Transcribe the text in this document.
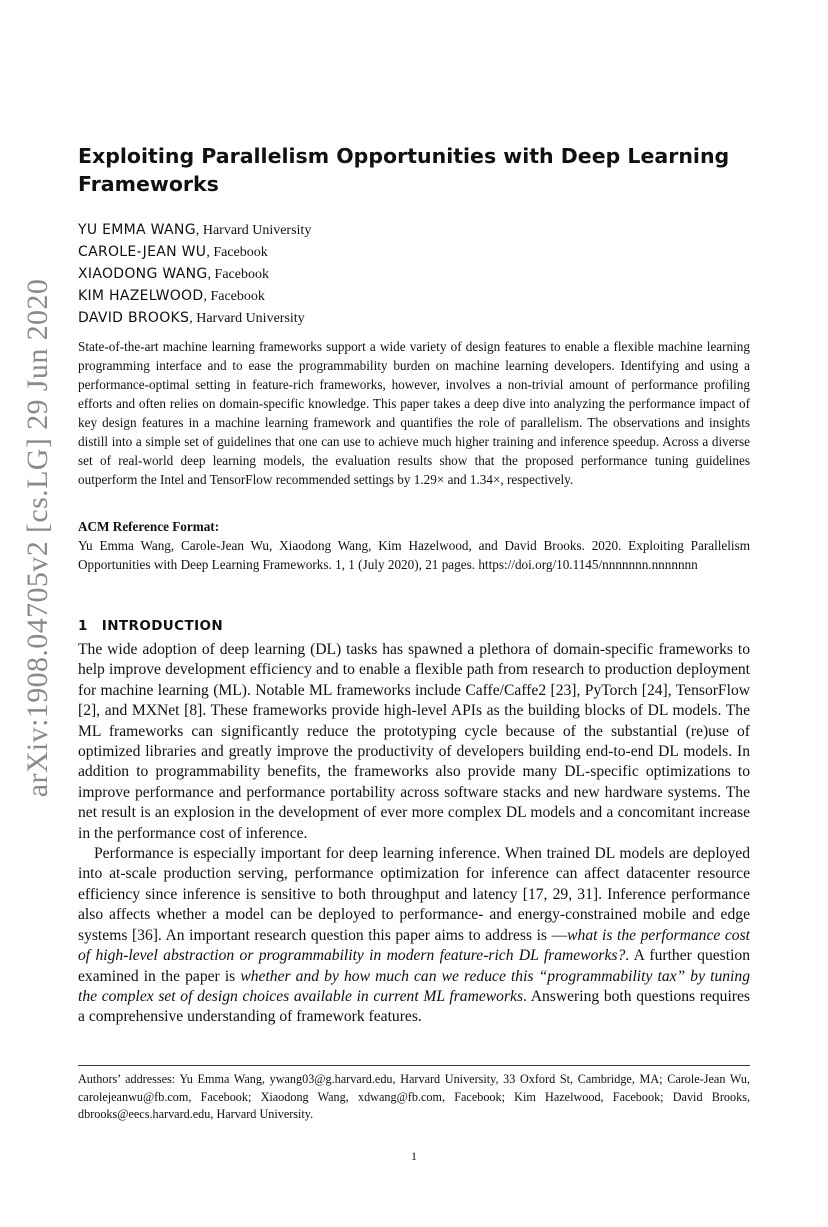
arXiv:1908.04705v2 [cs.LG] 29 Jun 2020
Exploiting Parallelism Opportunities with Deep Learning Frameworks
YU EMMA WANG, Harvard University
CAROLE-JEAN WU, Facebook
XIAODONG WANG, Facebook
KIM HAZELWOOD, Facebook
DAVID BROOKS, Harvard University

State-of-the-art machine learning frameworks support a wide variety of design features to enable a flexible machine learning programming interface and to ease the programmability burden on machine learning developers. Identifying and using a performance-optimal setting in feature-rich frameworks, however, involves a non-trivial amount of performance profiling efforts and often relies on domain-specific knowledge. This paper takes a deep dive into analyzing the performance impact of key design features in a machine learning framework and quantifies the role of parallelism. The observations and insights distill into a simple set of guidelines that one can use to achieve much higher training and inference speedup. Across a diverse set of real-world deep learning models, the evaluation results show that the proposed performance tuning guidelines outperform the Intel and TensorFlow recommended settings by 1.29× and 1.34×, respectively.

ACM Reference Format:
Yu Emma Wang, Carole-Jean Wu, Xiaodong Wang, Kim Hazelwood, and David Brooks. 2020. Exploiting Parallelism Opportunities with Deep Learning Frameworks. 1, 1 (July 2020), 21 pages. https://doi.org/10.1145/nnnnnnn.nnnnnnn
1 INTRODUCTION

The wide adoption of deep learning (DL) tasks has spawned a plethora of domain-specific frameworks to help improve development efficiency and to enable a flexible path from research to production deployment for machine learning (ML). Notable ML frameworks include Caffe/Caffe2 [23], PyTorch [24], TensorFlow [2], and MXNet [8]. These frameworks provide high-level APIs as the building blocks of DL models. The ML frameworks can significantly reduce the prototyping cycle because of the substantial (re)use of optimized libraries and greatly improve the productivity of developers building end-to-end DL models. In addition to programmability benefits, the frameworks also provide many DL-specific optimizations to improve performance and performance portability across software stacks and new hardware systems. The net result is an explosion in the development of ever more complex DL models and a concomitant increase in the performance cost of inference.

Performance is especially important for deep learning inference. When trained DL models are deployed into at-scale production serving, performance optimization for inference can affect datacenter resource efficiency since inference is sensitive to both throughput and latency [17, 29, 31]. Inference performance also affects whether a model can be deployed to performance- and energy-constrained mobile and edge systems [36]. An important research question this paper aims to address is —what is the performance cost of high-level abstraction or programmability in modern feature-rich DL frameworks?. A further question examined in the paper is whether and by how much can we reduce this “programmability tax” by tuning the complex set of design choices available in current ML frameworks. Answering both questions requires a comprehensive understanding of framework features.

Authors’ addresses: Yu Emma Wang, ywang03@g.harvard.edu, Harvard University, 33 Oxford St, Cambridge, MA; Carole-Jean Wu, carolejeanwu@fb.com, Facebook; Xiaodong Wang, xdwang@fb.com, Facebook; Kim Hazelwood, Facebook; David Brooks, dbrooks@eecs.harvard.edu, Harvard University.
1
